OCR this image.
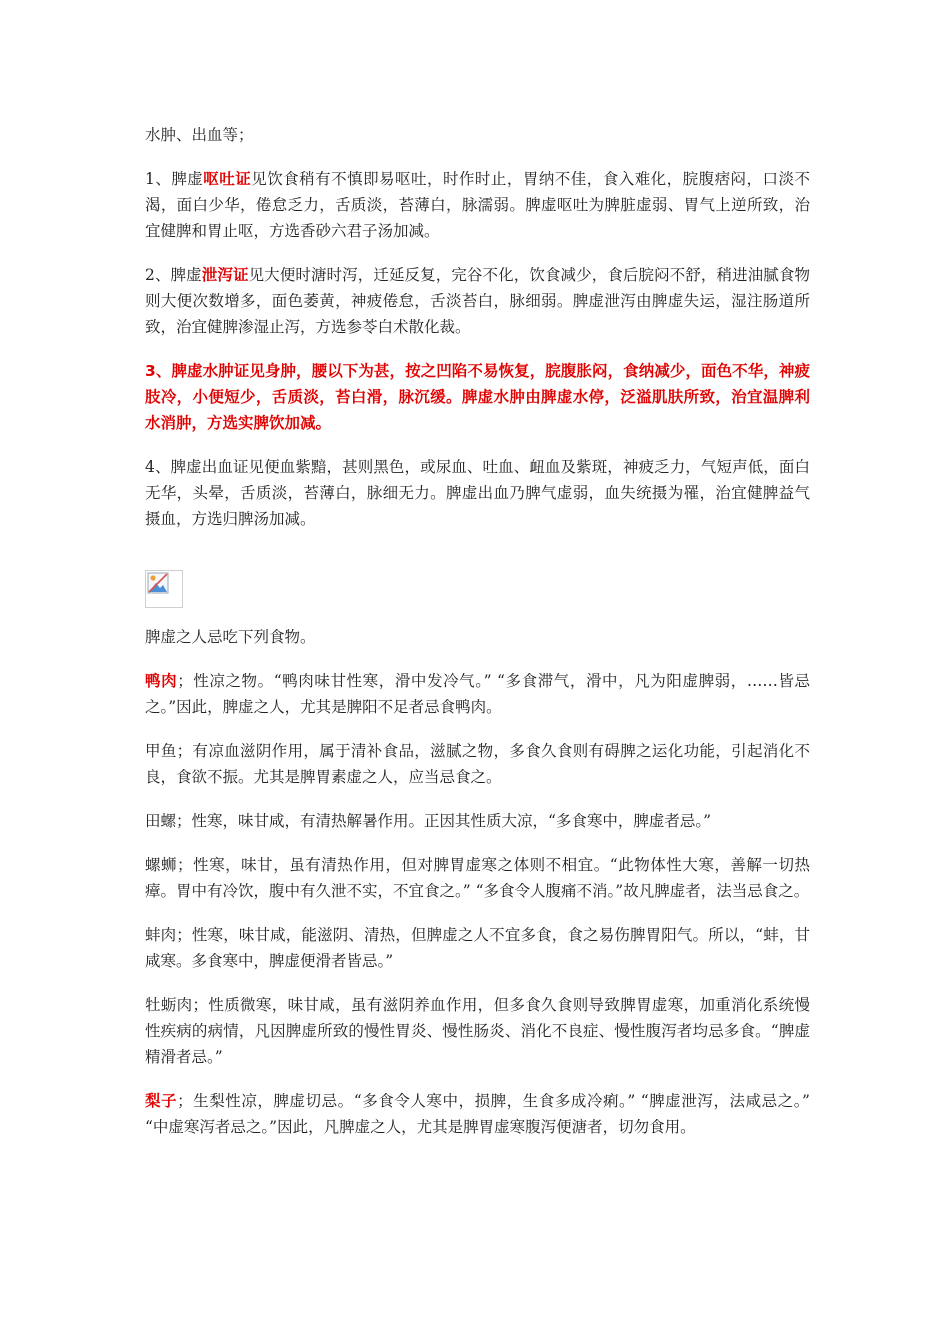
水肿、出血等；

1、脾虚呕吐证见饮食稍有不慎即易呕吐，时作时止，胃纳不佳，食入难化，脘腹痞闷，口淡不渴，面白少华，倦怠乏力，舌质淡，苔薄白，脉濡弱。脾虚呕吐为脾脏虚弱、胃气上逆所致，治宜健脾和胃止呕，方选香砂六君子汤加减。

2、脾虚泄泻证见大便时溏时泻，迁延反复，完谷不化，饮食减少，食后脘闷不舒，稍进油腻食物则大便次数增多，面色萎黄，神疲倦怠，舌淡苔白，脉细弱。脾虚泄泻由脾虚失运，湿注肠道所致，治宜健脾渗湿止泻，方选参苓白术散化裁。

3、脾虚水肿证见身肿，腰以下为甚，按之凹陷不易恢复，脘腹胀闷，食纳减少，面色不华，神疲肢冷，小便短少，舌质淡，苔白滑，脉沉缓。脾虚水肿由脾虚水停，泛溢肌肤所致，治宜温脾利水消肿，方选实脾饮加减。

4、脾虚出血证见便血紫黯，甚则黑色，或尿血、吐血、衄血及紫斑，神疲乏力，气短声低，面白无华，头晕，舌质淡，苔薄白，脉细无力。脾虚出血乃脾气虚弱，血失统摄为罹，治宜健脾益气摄血，方选归脾汤加减。

脾虚之人忌吃下列食物。

鸭肉；性凉之物。“鸭肉味甘性寒，滑中发冷气。” “多食滞气，滑中，凡为阳虚脾弱，……皆忌之。”因此，脾虚之人，尤其是脾阳不足者忌食鸭肉。

甲鱼；有凉血滋阴作用，属于清补食品，滋腻之物，多食久食则有碍脾之运化功能，引起消化不良，食欲不振。尤其是脾胃素虚之人，应当忌食之。

田螺；性寒，味甘咸，有清热解暑作用。正因其性质大凉，“多食寒中，脾虚者忌。”

螺蛳；性寒，味甘，虽有清热作用，但对脾胃虚寒之体则不相宜。“此物体性大寒，善解一切热瘴。胃中有冷饮，腹中有久泄不实，不宜食之。” “多食令人腹痛不消。”故凡脾虚者，法当忌食之。

蚌肉；性寒，味甘咸，能滋阴、清热，但脾虚之人不宜多食，食之易伤脾胃阳气。所以，“蚌，甘咸寒。多食寒中，脾虚便滑者皆忌。”

牡蛎肉；性质微寒，味甘咸，虽有滋阴养血作用，但多食久食则导致脾胃虚寒，加重消化系统慢性疾病的病情，凡因脾虚所致的慢性胃炎、慢性肠炎、消化不良症、慢性腹泻者均忌多食。“脾虚精滑者忌。”

梨子；生梨性凉，脾虚切忌。“多食令人寒中，损脾，生食多成冷痢。” “脾虚泄泻，法咸忌之。” “中虚寒泻者忌之。”因此，凡脾虚之人，尤其是脾胃虚寒腹泻便溏者，切勿食用。
